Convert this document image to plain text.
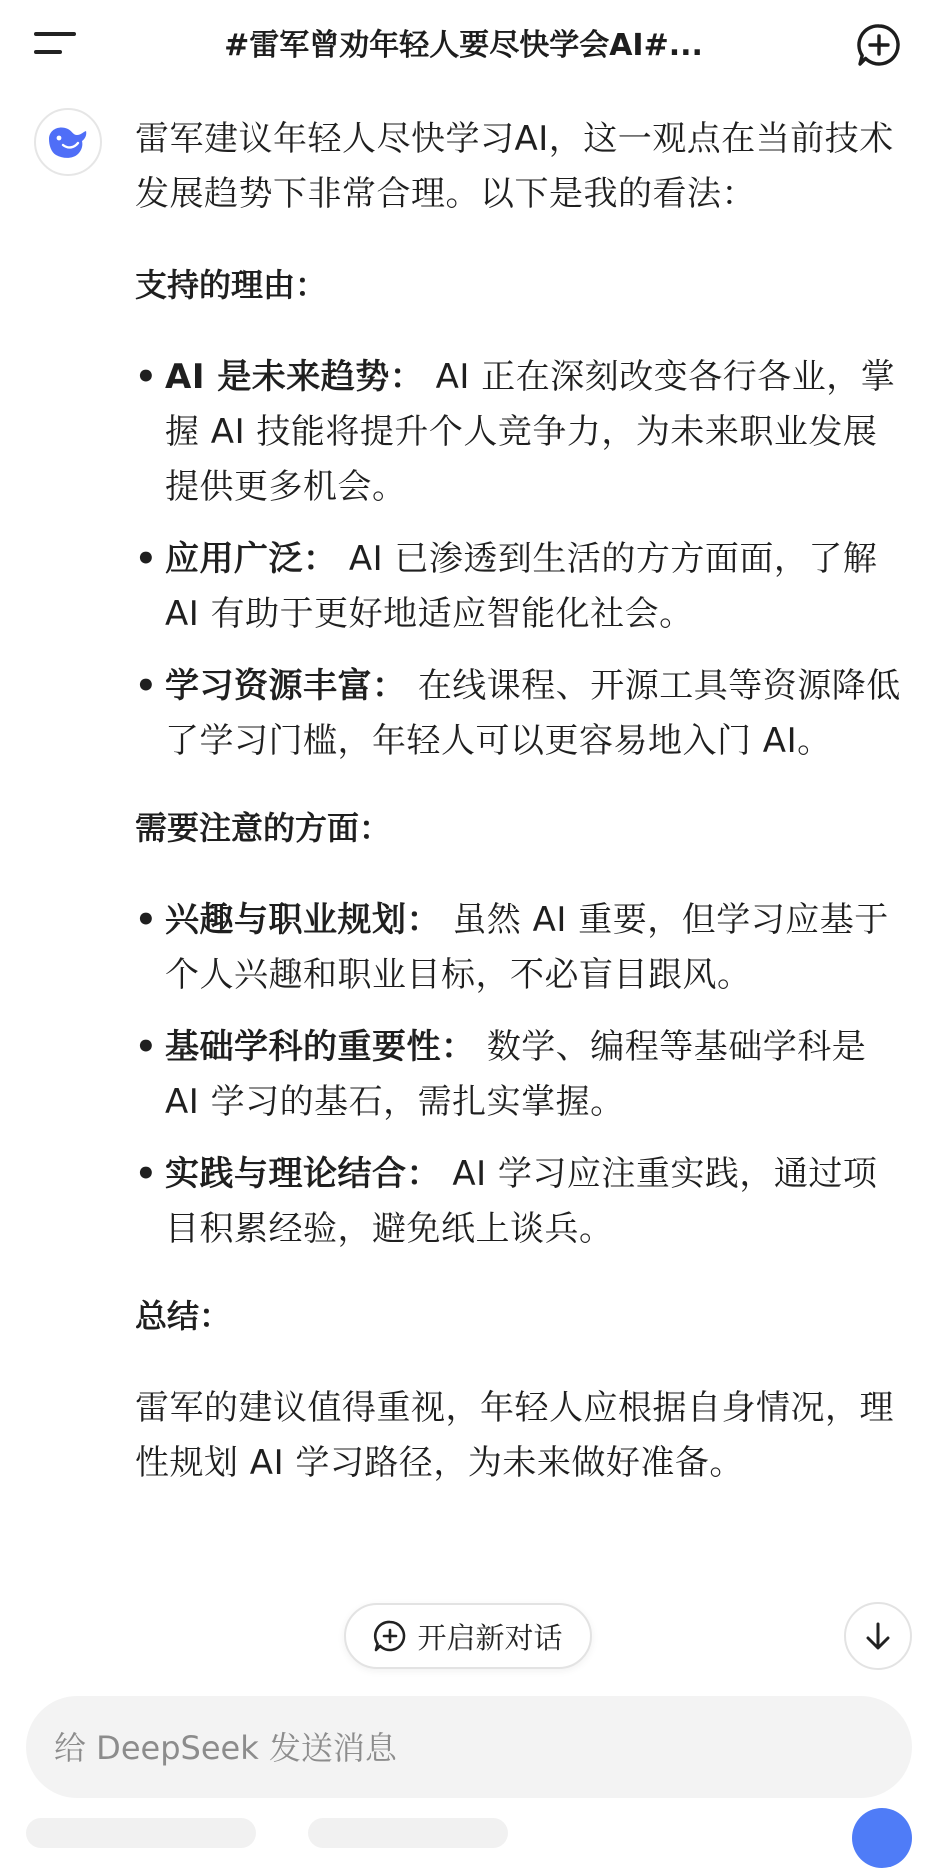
#雷军曾劝年轻人要尽快学会AI#...

雷军建议年轻人尽快学习AI，这一观点在当前技术发展趋势下非常合理。以下是我的看法：

支持的理由：

• AI 是未来趋势： AI 正在深刻改变各行各业，掌握 AI 技能将提升个人竞争力，为未来职业发展提供更多机会。
• 应用广泛： AI 已渗透到生活的方方面面，了解 AI 有助于更好地适应智能化社会。
• 学习资源丰富： 在线课程、开源工具等资源降低了学习门槛，年轻人可以更容易地入门 AI。

需要注意的方面：

• 兴趣与职业规划： 虽然 AI 重要，但学习应基于个人兴趣和职业目标，不必盲目跟风。
• 基础学科的重要性： 数学、编程等基础学科是 AI 学习的基石，需扎实掌握。
• 实践与理论结合： AI 学习应注重实践，通过项目积累经验，避免纸上谈兵。

总结：

雷军的建议值得重视，年轻人应根据自身情况，理性规划 AI 学习路径，为未来做好准备。

开启新对话
给 DeepSeek 发送消息
